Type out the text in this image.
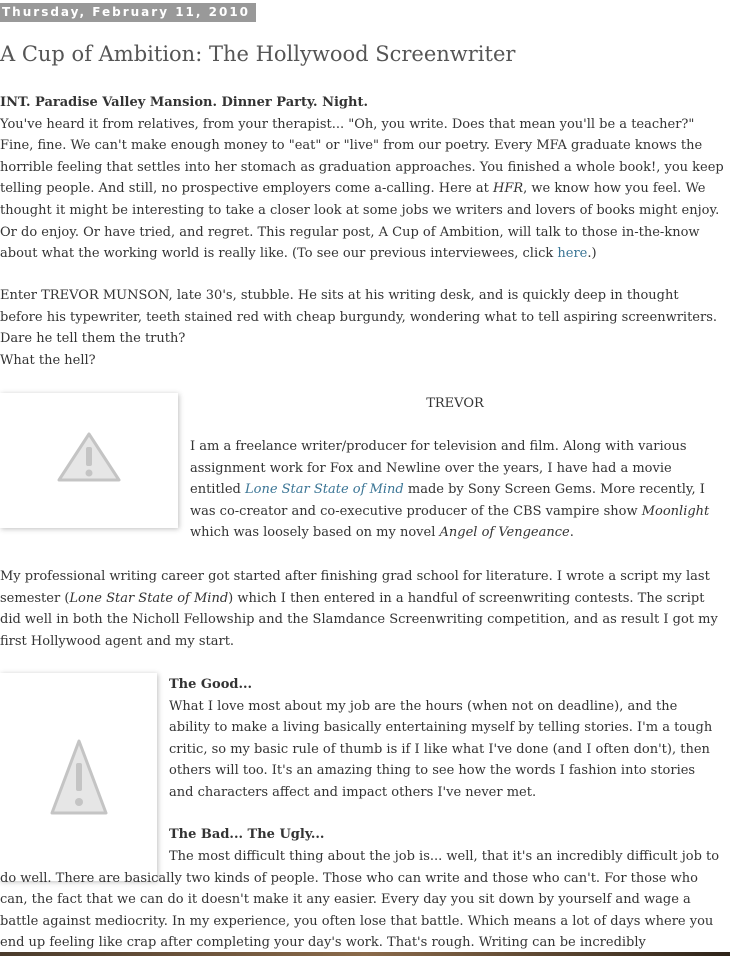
Thursday, February 11, 2010
A Cup of Ambition: The Hollywood Screenwriter
INT. Paradise Valley Mansion. Dinner Party. Night.
You've heard it from relatives, from your therapist... "Oh, you write. Does that mean you'll be a teacher?" Fine, fine. We can't make enough money to "eat" or "live" from our poetry. Every MFA graduate knows the horrible feeling that settles into her stomach as graduation approaches. You finished a whole book!, you keep telling people. And still, no prospective employers come a-calling. Here at HFR, we know how you feel. We thought it might be interesting to take a closer look at some jobs we writers and lovers of books might enjoy. Or do enjoy. Or have tried, and regret. This regular post, A Cup of Ambition, will talk to those in-the-know about what the working world is really like. (To see our previous interviewees, click here.)
Enter TREVOR MUNSON, late 30's, stubble. He sits at his writing desk, and is quickly deep in thought before his typewriter, teeth stained red with cheap burgundy, wondering what to tell aspiring screenwriters. Dare he tell them the truth?
What the hell?
TREVOR
I am a freelance writer/producer for television and film. Along with various assignment work for Fox and Newline over the years, I have had a movie entitled Lone Star State of Mind made by Sony Screen Gems. More recently, I was co-creator and co-executive producer of the CBS vampire show Moonlight which was loosely based on my novel Angel of Vengeance.
My professional writing career got started after finishing grad school for literature. I wrote a script my last semester (Lone Star State of Mind) which I then entered in a handful of screenwriting contests. The script did well in both the Nicholl Fellowship and the Slamdance Screenwriting competition, and as result I got my first Hollywood agent and my start.
The Good...
What I love most about my job are the hours (when not on deadline), and the ability to make a living basically entertaining myself by telling stories. I'm a tough critic, so my basic rule of thumb is if I like what I've done (and I often don't), then others will too. It's an amazing thing to see how the words I fashion into stories and characters affect and impact others I've never met.
The Bad... The Ugly...
The most difficult thing about the job is... well, that it's an incredibly difficult job to do well. There are basically two kinds of people. Those who can write and those who can't. For those who can, the fact that we can do it doesn't make it any easier. Every day you sit down by yourself and wage a battle against mediocrity. In my experience, you often lose that battle. Which means a lot of days where you end up feeling like crap after completing your day's work. That's rough. Writing can be incredibly
